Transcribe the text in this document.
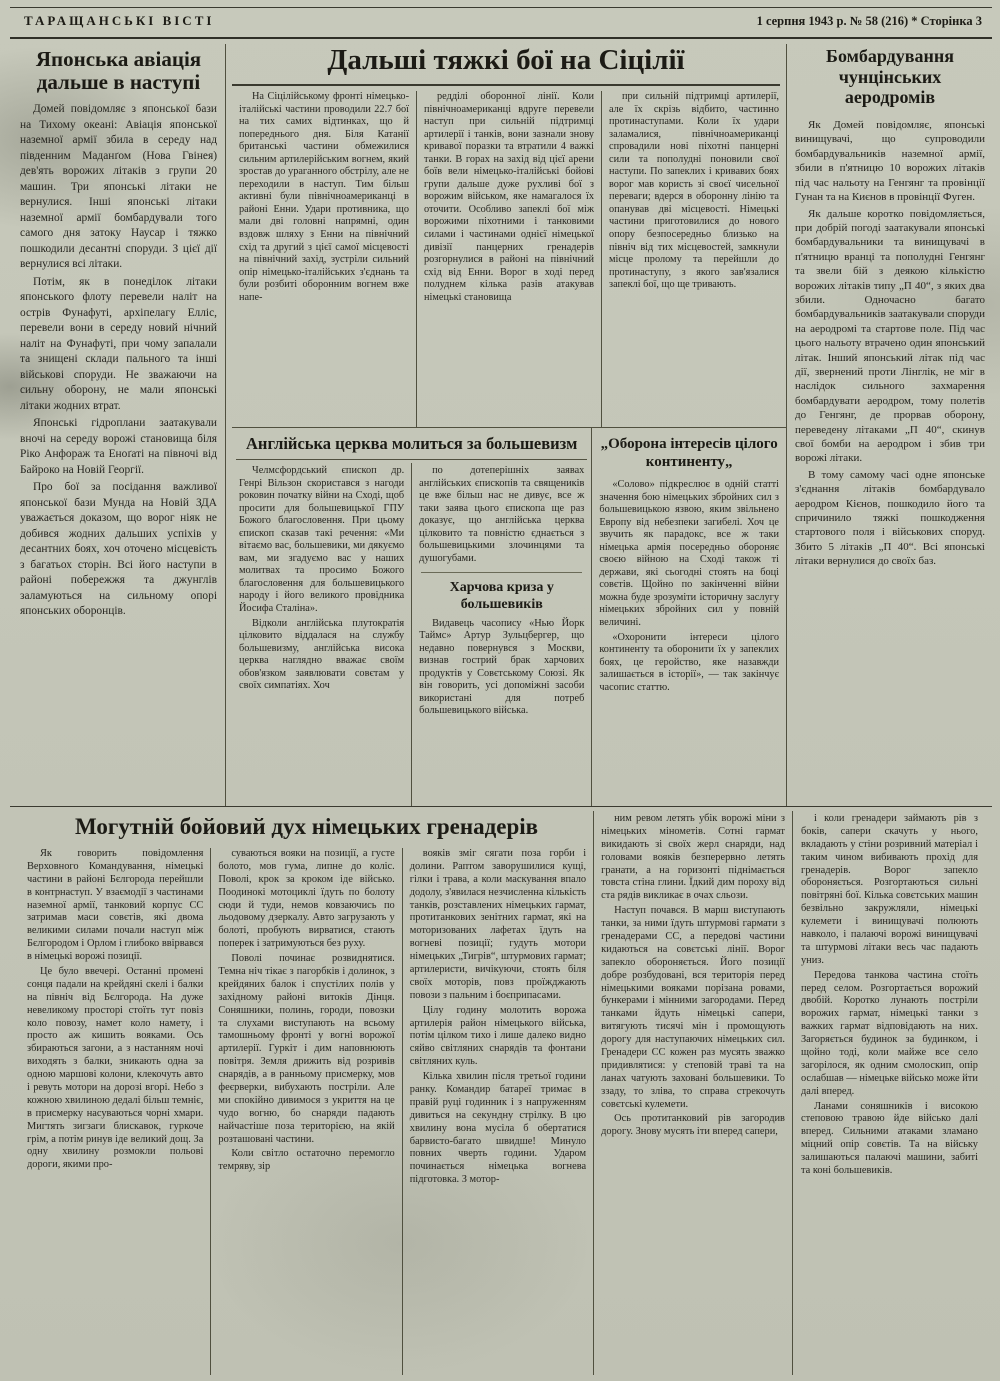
ТАРАЩАНСЬКІ ВІСТІ	1 серпня 1943 р. № 58 (216) * Сторінка 3
Японська авіація дальше в наступі

Домей повідомляє з японської бази на Тихому океані: Авіація японської наземної армії збила в середу над південним Маданґом (Нова Гвінея) дев'ять ворожих літаків з групи 20 машин. Три японські літаки не вернулися. Інші японські літаки наземної армії бомбардували того самого дня затоку Наусар і тяжко пошкодили десантні споруди. З цієї дії вернулися всі літаки.

Потім, як в понеділок літаки японського флоту перевели наліт на острів Фунафуті, архіпелагу Елліс, перевели вони в середу новий нічний наліт на Фунафуті, при чому запалали та знищені склади пального та інші військові споруди. Не зважаючи на сильну оборону, не мали японські літаки жодних втрат.

Японські гідроплани заатакували вночі на середу ворожі становища біля Ріко Анфораж та Еноґаті на півночі від Байроко на Новій Георгії.

Про бої за посідання важливої японської бази Мунда на Новій ЗДА уважається доказом, що ворог ніяк не добився жодних дальших успіхів у десантних боях, хоч оточено місцевість з багатьох сторін. Всі його наступи в районі побережжя та джунглів заламуються на сильному опорі японських оборонців.

Дальші тяжкі бої на Сіцілії

На Сіцілійському фронті німецько-італійські частини проводили 22.7 бої на тих самих відтинках, що й попереднього дня. Біля Катанії британські частини обмежилися сильним артилерійським вогнем, який зростав до ураганного обстрілу, але не переходили в наступ. Тим більш активні були північноамериканці в районі Енни. Удари противника, що мали дві головні напрямні, один вздовж шляху з Енни на північний схід та другий з цієї самої місцевості на північний захід, зустріли сильний опір німецько-італійських з'єднань та були розбиті оборонним вогнем вже напе-

редділі оборонної лінії. Коли північноамериканці вдруге перевели наступ при сильній підтримці артилерії і танків, вони зазнали знову кривавої поразки та втратили 4 важкі танки. В горах на захід від цієї арени боїв вели німецько-італійські бойові групи дальше дуже рухливі бої з ворожим військом, яке намагалося їх оточити. Особливо запеклі бої між ворожими піхотними і танковими силами і частинами однієї німецької дивізії панцерних гренадерів розгорнулися в районі на північний схід від Енни. Ворог в ході перед полуднем кілька разів атакував німецькі становища

при сильній підтримці артилерії, але їх скрізь відбито, частинно протинаступами. Коли їх удари заламалися, північноамериканці спровадили нові піхотні панцерні сили та пополудні поновили свої наступи. По запеклих і кривавих боях ворог мав користь зі своєї чисельної переваги; вдерся в оборонну лінію та опанував дві місцевості. Німецькі частини приготовилися до нового опору безпосередньо близько на північ від тих місцевостей, замкнули місце пролому та перейшли до протинаступу, з якого зав'язалися запеклі бої, що ще тривають.

Англійська церква молиться за большевизм

Челмсфордський єпископ др. Генрі Вільзон скористався з нагоди роковин початку війни на Сході, щоб просити для большевицької ГПУ Божого благословення. При цьому єпископ сказав такі речення: «Ми вітаємо вас, большевики, ми дякуємо вам, ми згадуємо вас у наших молитвах та просимо Божого благословення для большевицького народу і його великого провідника Йосифа Сталіна».

Відколи англійська плутократія цілковито віддалася на службу большевизму, англійська висока церква наглядно вважає своїм обов'язком заявлювати совєтам у своїх симпатіях. Хоч

по дотеперішніх заявах англійських єпископів та священиків це вже більш нас не дивує, все ж таки заява цього єпископа ще раз доказує, що англійська церква цілковито та повністю єднається з большевицькими злочинцями та душогубами.

Харчова криза у большевиків

Видавець часопису «Нью Йорк Таймс» Артур Зульцбергер, що недавно повернувся з Москви, визнав гострий брак харчових продуктів у Совєтському Союзі. Як він говорить, усі допоміжні засоби використані для потреб большевицького війська.

„Оборона інтересів цілого континенту„

«Солово» підкреслює в одній статті значення бою німецьких збройних сил з большевицькою язвою, яким звільнено Европу від небезпеки загибелі. Хоч це звучить як парадокс, все ж таки німецька армія посередньо обороняє своєю війною на Сході також ті держави, які сьогодні стоять на боці совєтів. Щойно по закінченні війни можна буде зрозуміти історичну заслугу німецьких збройних сил у повній величині.

«Охоронити інтереси цілого континенту та оборонити їх у запеклих боях, це геройство, яке назавжди залишається в історії», — так закінчує часопис статтю.

Бомбардування чунцінських аеродромів

Як Домей повідомляє, японські винищувачі, що супроводили бомбардувальників наземної армії, збили в п'ятницю 10 ворожих літаків під час нальоту на Генгянг та провінції Гунан та на Києнов в провінції Фуген.

Як дальше коротко повідомляється, при добрій погоді заатакували японські бомбардувальники та винищувачі в п'ятницю вранці та пополудні Генгянг та звели бій з деякою кількістю ворожих літаків типу „П 40“, з яких два збили. Одночасно багато бомбардувальників заатакували споруди на аеродромі та стартове поле. Під час цього нальоту втрачено один японський літак. Інший японський літак під час дії, звернений проти Лінглік, не міг в наслідок сильного захмарення бомбардувати аеродром, тому полетів до Генгянг, де прорвав оборону, переведену літаками „П 40“, скинув свої бомби на аеродром і збив три ворожі літаки.

В тому самому часі одне японське з'єднання літаків бомбардувало аеродром Кієнов, пошкодило його та спричинило тяжкі пошкодження стартового поля і військових споруд. Збито 5 літаків „П 40“. Всі японські літаки вернулися до своїх баз.

Могутній бойовий дух німецьких гренадерів

Як говорить повідомлення Верховного Командування, німецькі частини в районі Бєлгорода перейшли в контрнаступ. У взаємодії з частинами наземної армії, танковий корпус СС затримав маси совєтів, які двома великими силами почали наступ між Бєлгородом і Орлом і глибоко ввірвався в німецькі ворожі позиції.

Це було ввечері. Останні промені сонця падали на крейдяні скелі і балки на північ від Бєлгорода. На дуже невеликому просторі стоїть тут повіз коло повозу, намет коло намету, і просто аж кишить вояками. Ось збираються загони, а з настанням ночі виходять з балки, зникають одна за одною маршові колони, клекочуть авто і ревуть мотори на дорозі вгорі. Небо з кожною хвилиною дедалі більш темніє, в присмерку насуваються чорні хмари. Мигтять зигзаги блискавок, гуркоче грім, а потім ринув іде великий дощ. За одну хвилину розмокли польові дороги, якими про-

суваються вояки на позиції, а густе болото, мов гума, липне до коліс. Поволі, крок за кроком іде військо. Поодинокі мотоциклі їдуть по болоту сюди й туди, немов ковзаючись по льодовому дзеркалу. Авто загрузають у болоті, пробують вирватися, стають поперек і затримуються без руху.

Поволі починає розвиднятися. Темна ніч тікає з пагорбків і долинок, з крейдяних балок і спустілих полів у західному районі витоків Дінця. Соняшники, полинь, городи, повозки та слухами виступають на всьому тамошньому фронті у вогні ворожої артилерії. Гуркіт і дим наповнюють повітря. Земля дрижить від розривів снарядів, а в ранньому присмерку, мов феєрверки, вибухають постріли. Але ми спокійно дивимося з укриття на це чудо вогню, бо снаряди падають найчастіше поза територією, на якій розташовані частини.

Коли світло остаточно перемогло темряву, зір

вояків зміг сягати поза горби і долини. Раптом заворушилися кущі, гілки і трава, а коли маскування впало додолу, з'явилася незчисленна кількість танків, розставлених німецьких гармат, протитанкових зенітних гармат, які на моторизованих лафетах їдуть на вогневі позиції; гудуть мотори німецьких „Тигрів“, штурмових гармат; артилеристи, вичікуючи, стоять біля своїх моторів, повз проїжджають повози з пальним і боєприпасами.

Цілу годину молотить ворожа артилерія район німецького війська, потім цілком тихо і лише далеко видно сяйво світляних снарядів та фонтани світляних куль.

Кілька хвилин після третьої години ранку. Командир батареї тримає в правій руці годинник і з напруженням дивиться на секундну стрілку. В цю хвилину вона мусіла б обертатися барвисто-багато швидше! Минуло повних чверть години. Ударом починається німецька вогнева підготовка. З мотор-

ним ревом летять убік ворожі міни з німецьких мінометів. Сотні гармат викидають зі своїх жерл снаряди, над головами вояків безперервно летять гранати, а на горизонті піднімається товста стіна глини. Їдкий дим пороху від ста рядів викликає в очах сльози.

Наступ почався. В марш виступають танки, за ними їдуть штурмові гармати з гренадерами СС, а передові частини кидаються на совєтські лінії. Ворог запекло обороняється. Його позиції добре розбудовані, вся територія перед німецькими вояками порізана ровами, бункерами і мінними загородами. Перед танками йдуть німецькі сапери, витягують тисячі мін і промощують дорогу для наступаючих німецьких сил. Гренадери СС кожен раз мусять зважко придивлятися: у степовій траві та на ланах чатують заховані большевики. То ззаду, то зліва, то справа стрекочуть совєтські кулемети.

Ось протитанковий рів загородив дорогу. Знову мусять іти вперед сапери,

і коли гренадери займають рів з боків, сапери скачуть у нього, вкладають у стіни розривний матеріал і таким чином вибивають прохід для гренадерів. Ворог запекло обороняється. Розгортаються сильні повітряні бої. Кілька совєтських машин безвільно закружляли, німецькі кулемети і винищувачі полюють навколо, і палаючі ворожі винищувачі та штурмові літаки весь час падають униз.

Передова танкова частина стоїть перед селом. Розгортається ворожий двобій. Коротко лунають постріли ворожих гармат, німецькі танки з важких гармат відповідають на них. Загоряється будинок за будинком, і щойно тоді, коли майже все село загорілося, як одним смолоскип, опір ослабшав — німецьке військо може йти далі вперед.

Ланами соняшників і високою степовою травою йде військо далі вперед. Сильними атаками зламано міцний опір совєтів. Та на війську залишаються палаючі машини, забиті та коні большевиків.
